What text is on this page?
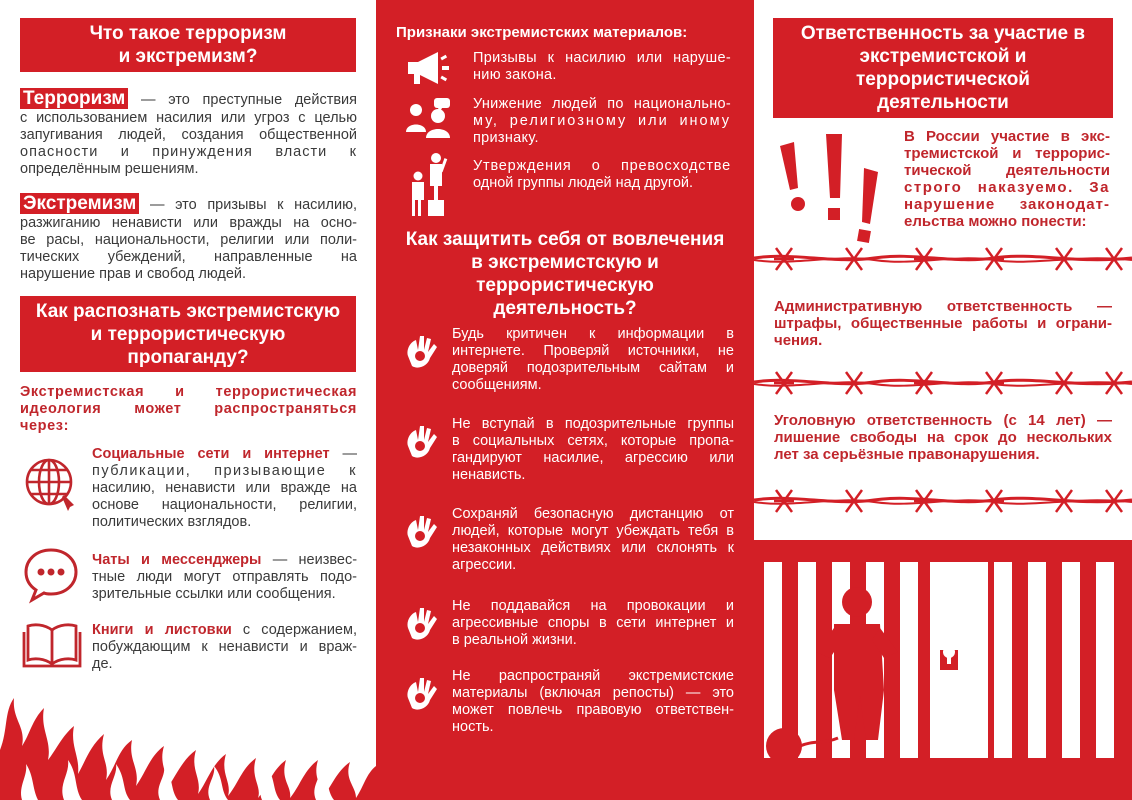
Что такое терроризм
и экстремизм?
Терроризм — это преступные действия
с использованием насилия или угроз с целью
запугивания людей, создания общественной
опасности и принуждения власти к
определённым решениям.
Экстремизм — это призывы к насилию,
разжиганию ненависти или вражды на осно-
ве расы, национальности, религии или поли-
тических убеждений, направленные на
нарушение прав и свобод людей.
Как распознать экстремистскую
и террористическую
пропаганду?
Экстремистская и террористическая
идеология может распространяться
через:
Социальные сети и интернет —
публикации, призывающие к
насилию, ненависти или вражде на
основе национальности, религии,
политических взглядов.
Чаты и мессенджеры — неизвес-
тные люди могут отправлять подо-
зрительные ссылки или сообщения.
Книги и листовки с содержанием,
побуждающим к ненависти и враж-
де.
Признаки экстремистских материалов:
Призывы к насилию или наруше-
нию закона.
Унижение людей по национально-
му, религиозному или иному
признаку.
Утверждения о превосходстве
одной группы людей над другой.
Как защитить себя от вовлечения
в экстремистскую и
террористическую
деятельность?
Будь критичен к информации в
интернете. Проверяй источники, не
доверяй подозрительным сайтам и
сообщениям.
Не вступай в подозрительные группы
в социальных сетях, которые пропа-
гандируют насилие, агрессию или
ненависть.
Сохраняй безопасную дистанцию от
людей, которые могут убеждать тебя в
незаконных действиях или склонять к
агрессии.
Не поддавайся на провокации и
агрессивные споры в сети интернет и
в реальной жизни.
Не распространяй экстремистские
материалы (включая репосты) — это
может повлечь правовую ответствен-
ность.
Ответственность за участие в
экстремистской и
террористической
деятельности
В России участие в экс-
тремистской и террорис-
тической деятельности
строго наказуемо. За
нарушение законодат-
ельства можно понести:
Административную ответственность —
штрафы, общественные работы и ограни-
чения.
Уголовную ответственность (с 14 лет) —
лишение свободы на срок до нескольких
лет за серьёзные правонарушения.
